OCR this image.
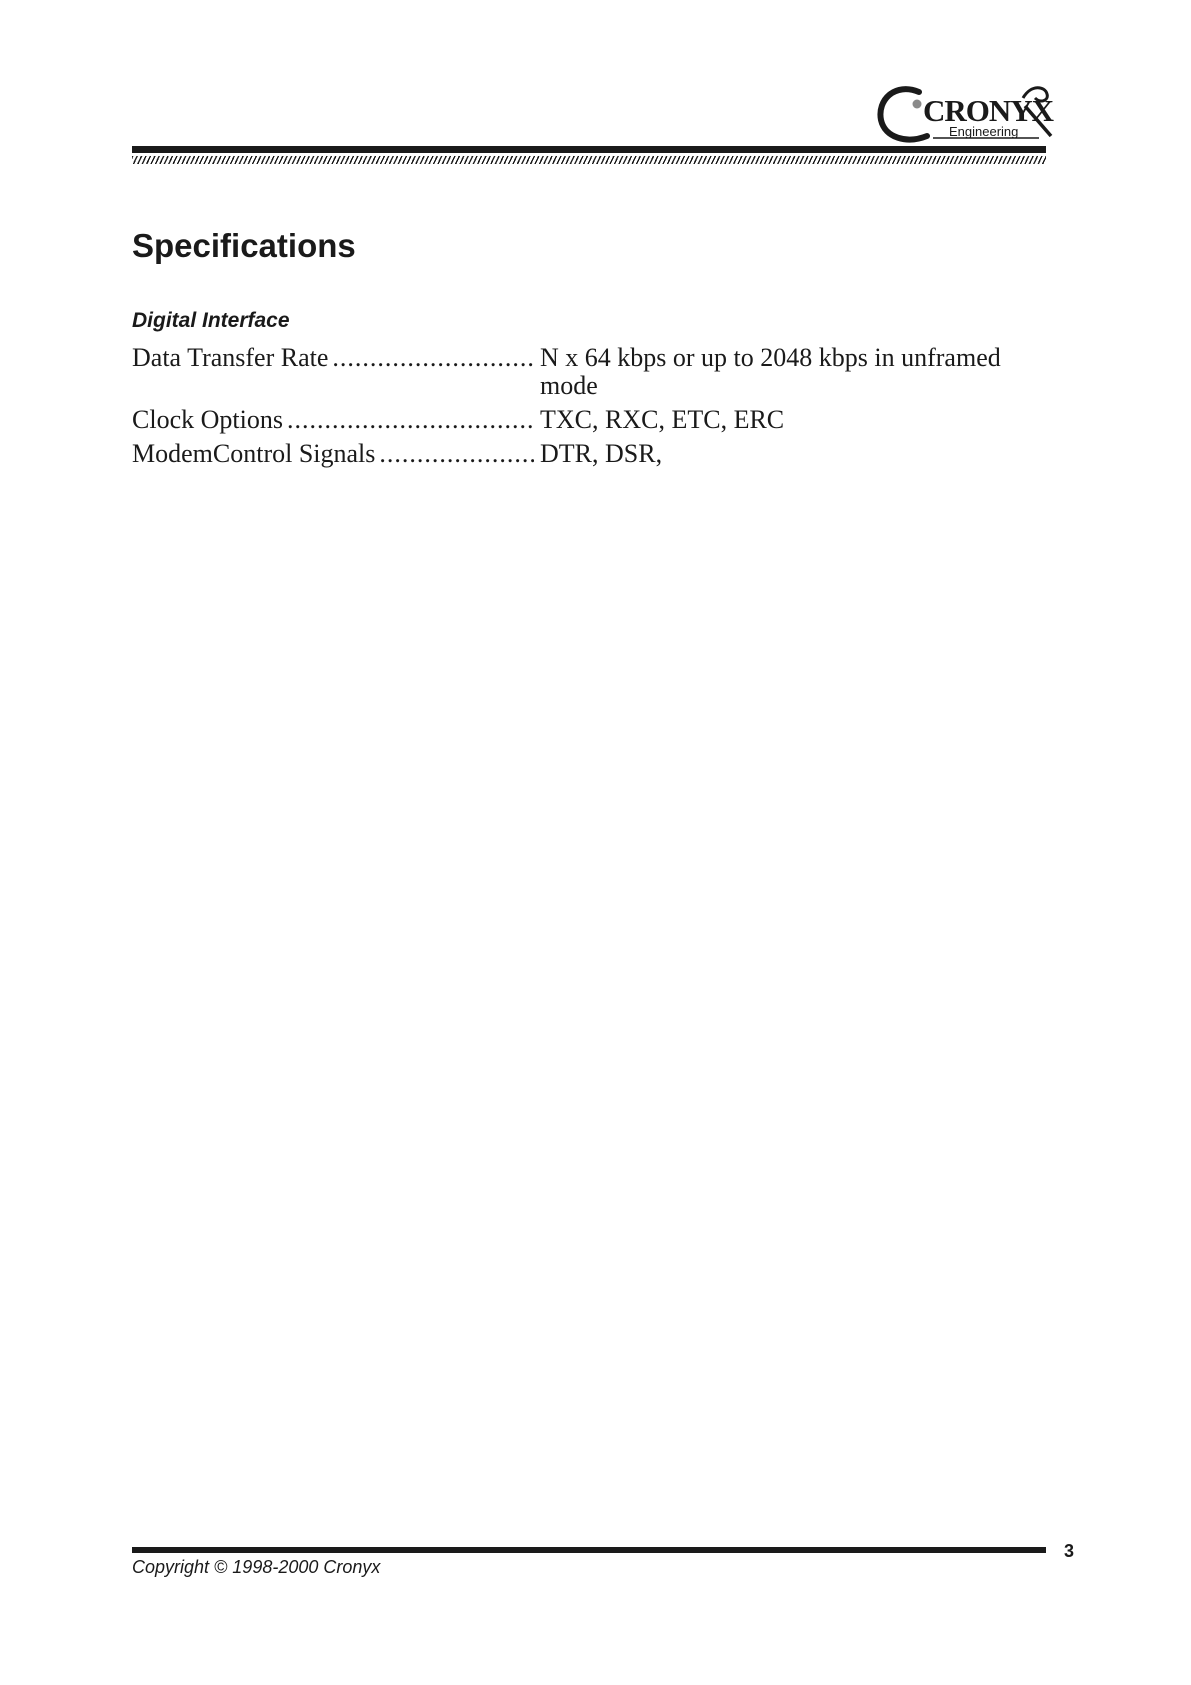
CRONYX
Engineering
Specifications
Digital Interface
Data Transfer Rate .....	N x 64 kbps or up to 2048 kbps in unframed mode
Clock Options .....	TXC, RXC, ETC, ERC
ModemControl Signals .....	DTR, DSR,
3
Copyright © 1998-2000 Cronyx
